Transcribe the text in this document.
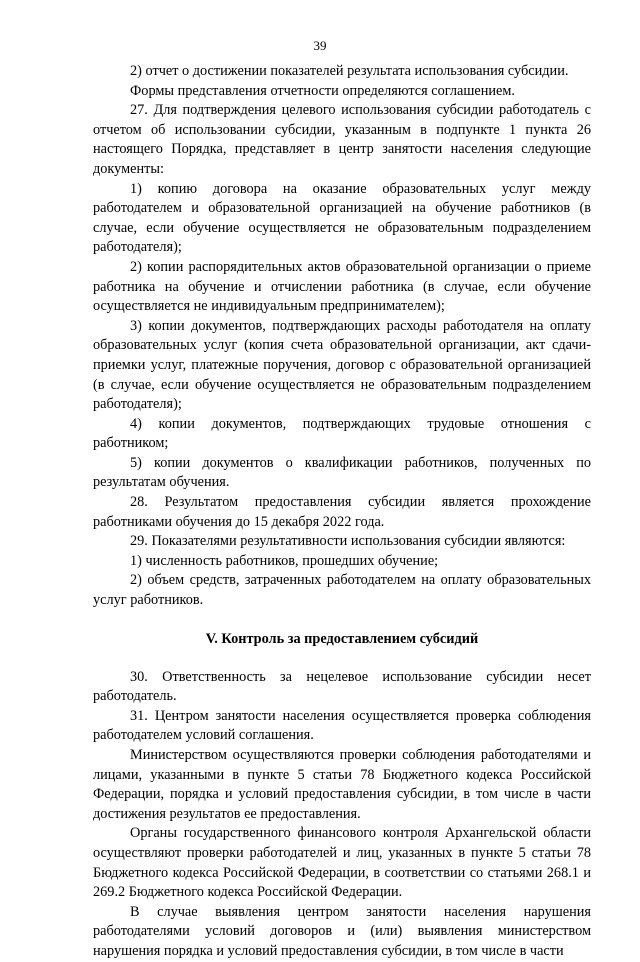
39

2) отчет о достижении показателей результата использования субсидии.

Формы представления отчетности определяются соглашением.

27. Для подтверждения целевого использования субсидии работодатель с отчетом об использовании субсидии, указанным в подпункте 1 пункта 26 настоящего Порядка, представляет в центр занятости населения следующие документы:

1) копию договора на оказание образовательных услуг между работодателем и образовательной организацией на обучение работников (в случае, если обучение осуществляется не образовательным подразделением работодателя);

2) копии распорядительных актов образовательной организации о приеме работника на обучение и отчислении работника (в случае, если обучение осуществляется не индивидуальным предпринимателем);

3) копии документов, подтверждающих расходы работодателя на оплату образовательных услуг (копия счета образовательной организации, акт сдачи-приемки услуг, платежные поручения, договор с образовательной организацией (в случае, если обучение осуществляется не образовательным подразделением работодателя);

4) копии документов, подтверждающих трудовые отношения с работником;

5) копии документов о квалификации работников, полученных по результатам обучения.

28. Результатом предоставления субсидии является прохождение работниками обучения до 15 декабря 2022 года.

29. Показателями результативности использования субсидии являются:

1) численность работников, прошедших обучение;

2) объем средств, затраченных работодателем на оплату образовательных услуг работников.

V. Контроль за предоставлением субсидий

30. Ответственность за нецелевое использование субсидии несет работодатель.

31. Центром занятости населения осуществляется проверка соблюдения работодателем условий соглашения.

Министерством осуществляются проверки соблюдения работодателями и лицами, указанными в пункте 5 статьи 78 Бюджетного кодекса Российской Федерации, порядка и условий предоставления субсидии, в том числе в части достижения результатов ее предоставления.

Органы государственного финансового контроля Архангельской области осуществляют проверки работодателей и лиц, указанных в пункте 5 статьи 78 Бюджетного кодекса Российской Федерации, в соответствии со статьями 268.1 и 269.2 Бюджетного кодекса Российской Федерации.

В случае выявления центром занятости населения нарушения работодателями условий договоров и (или) выявления министерством нарушения порядка и условий предоставления субсидии, в том числе в части
